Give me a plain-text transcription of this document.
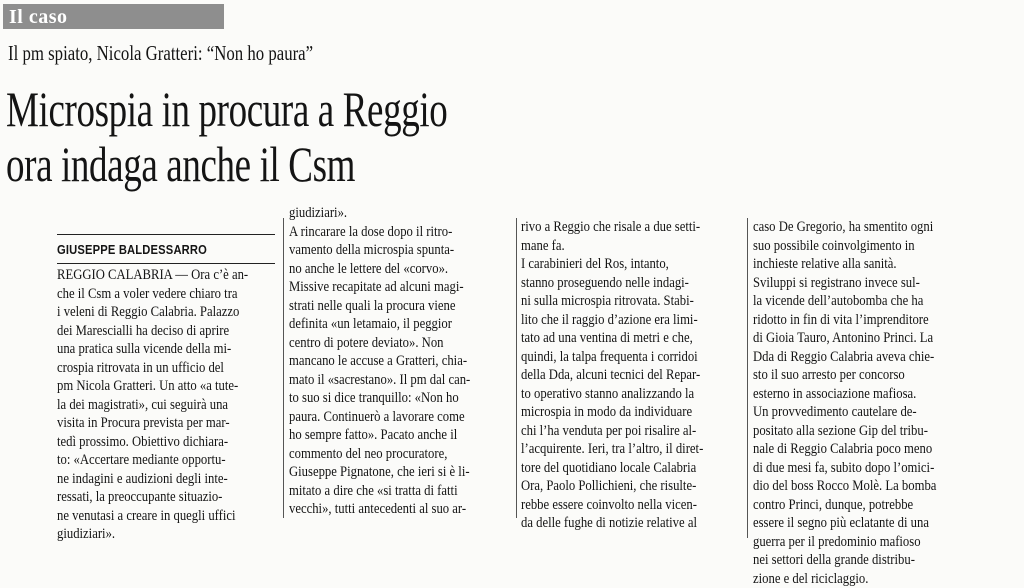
Il caso
Il pm spiato, Nicola Gratteri: “Non ho paura”
Microspia in procura a Reggio
ora indaga anche il Csm
GIUSEPPE BALDESSARRO
REGGIO CALABRIA — Ora c’è an-
che il Csm a voler vedere chiaro tra
i veleni di Reggio Calabria. Palazzo
dei Marescialli ha deciso di aprire
una pratica sulla vicende della mi-
crospia ritrovata in un ufficio del
pm Nicola Gratteri. Un atto «a tute-
la dei magistrati», cui seguirà una
visita in Procura prevista per mar-
tedì prossimo. Obiettivo dichiara-
to: «Accertare mediante opportu-
ne indagini e audizioni degli inte-
ressati, la preoccupante situazio-
ne venutasi a creare in quegli uffici
giudiziari».
giudiziari».
A rincarare la dose dopo il ritro-
vamento della microspia spunta-
no anche le lettere del «corvo».
Missive recapitate ad alcuni magi-
strati nelle quali la procura viene
definita «un letamaio, il peggior
centro di potere deviato». Non
mancano le accuse a Gratteri, chia-
mato il «sacrestano». Il pm dal can-
to suo si dice tranquillo: «Non ho
paura. Continuerò a lavorare come
ho sempre fatto». Pacato anche il
commento del neo procuratore,
Giuseppe Pignatone, che ieri si è li-
mitato a dire che «si tratta di fatti
vecchi», tutti antecedenti al suo ar-
rivo a Reggio che risale a due setti-
mane fa.
I carabinieri del Ros, intanto,
stanno proseguendo nelle indagi-
ni sulla microspia ritrovata. Stabi-
lito che il raggio d’azione era limi-
tato ad una ventina di metri e che,
quindi, la talpa frequenta i corridoi
della Dda, alcuni tecnici del Repar-
to operativo stanno analizzando la
microspia in modo da individuare
chi l’ha venduta per poi risalire al-
l’acquirente. Ieri, tra l’altro, il diret-
tore del quotidiano locale Calabria
Ora, Paolo Pollichieni, che risulte-
rebbe essere coinvolto nella vicen-
da delle fughe di notizie relative al
caso De Gregorio, ha smentito ogni
suo possibile coinvolgimento in
inchieste relative alla sanità.
Sviluppi si registrano invece sul-
la vicende dell’autobomba che ha
ridotto in fin di vita l’imprenditore
di Gioia Tauro, Antonino Princi. La
Dda di Reggio Calabria aveva chie-
sto il suo arresto per concorso
esterno in associazione mafiosa.
Un provvedimento cautelare de-
positato alla sezione Gip del tribu-
nale di Reggio Calabria poco meno
di due mesi fa, subito dopo l’omici-
dio del boss Rocco Molè. La bomba
contro Princi, dunque, potrebbe
essere il segno più eclatante di una
guerra per il predominio mafioso
nei settori della grande distribu-
zione e del riciclaggio.
